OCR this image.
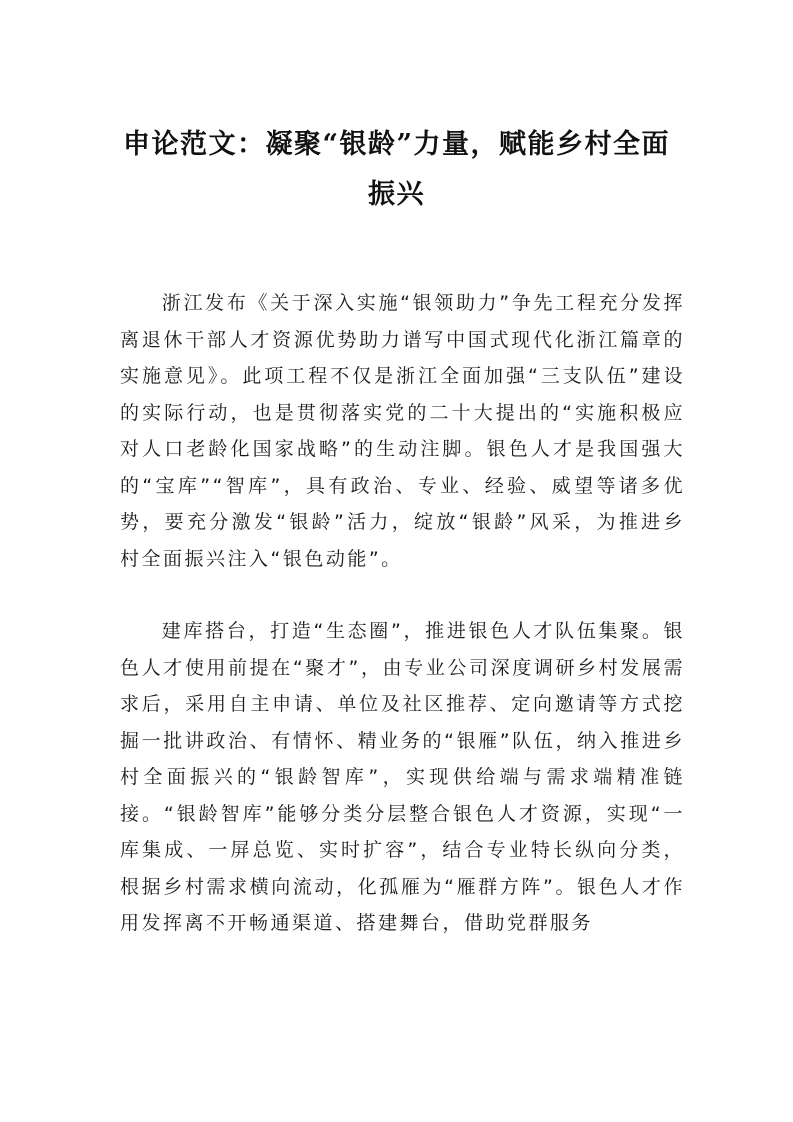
申论范文：凝聚“银龄”力量，赋能乡村全面振兴

浙江发布《关于深入实施“银领助力”争先工程充分发挥离退休干部人才资源优势助力谱写中国式现代化浙江篇章的实施意见》。此项工程不仅是浙江全面加强“三支队伍”建设的实际行动，也是贯彻落实党的二十大提出的“实施积极应对人口老龄化国家战略”的生动注脚。银色人才是我国强大的“宝库”“智库”，具有政治、专业、经验、威望等诸多优势，要充分激发“银龄”活力，绽放“银龄”风采，为推进乡村全面振兴注入“银色动能”。

建库搭台，打造“生态圈”，推进银色人才队伍集聚。银色人才使用前提在“聚才”，由专业公司深度调研乡村发展需求后，采用自主申请、单位及社区推荐、定向邀请等方式挖掘一批讲政治、有情怀、精业务的“银雁”队伍，纳入推进乡村全面振兴的“银龄智库”，实现供给端与需求端精准链接。“银龄智库”能够分类分层整合银色人才资源，实现“一库集成、一屏总览、实时扩容”，结合专业特长纵向分类，根据乡村需求横向流动，化孤雁为“雁群方阵”。银色人才作用发挥离不开畅通渠道、搭建舞台，借助党群服务
